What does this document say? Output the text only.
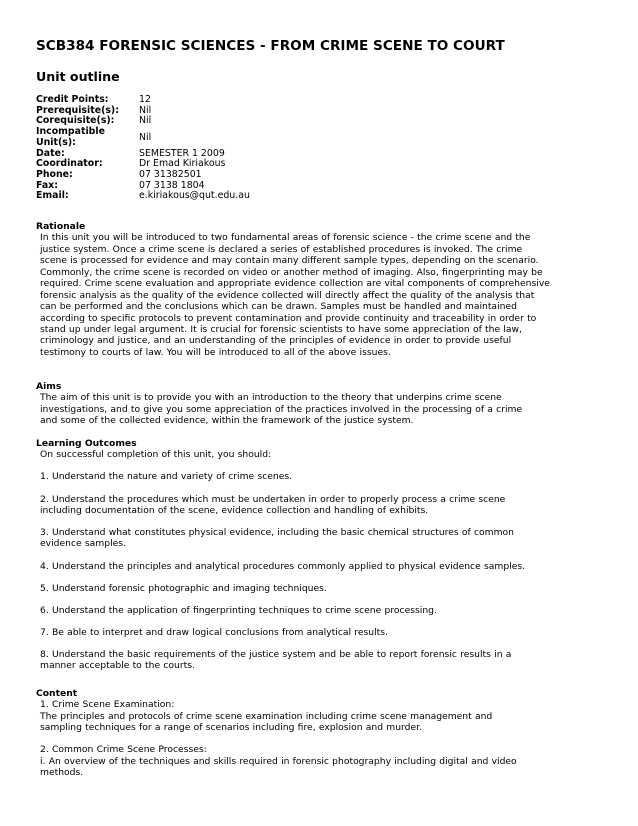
SCB384 FORENSIC SCIENCES - FROM CRIME SCENE TO COURT
Unit outline
Credit Points:	12
Prerequisite(s):	Nil
Corequisite(s):	Nil
Incompatible Unit(s):	Nil
Date:	SEMESTER 1 2009
Coordinator:	Dr Emad Kiriakous
Phone:	07 31382501
Fax:	07 3138 1804
Email:	e.kiriakous@qut.edu.au
Rationale

In this unit you will be introduced to two fundamental areas of forensic science - the crime scene and the justice system. Once a crime scene is declared a series of established procedures is invoked. The crime scene is processed for evidence and may contain many different sample types, depending on the scenario. Commonly, the crime scene is recorded on video or another method of imaging. Also, fingerprinting may be required. Crime scene evaluation and appropriate evidence collection are vital components of comprehensive forensic analysis as the quality of the evidence collected will directly affect the quality of the analysis that can be performed and the conclusions which can be drawn. Samples must be handled and maintained according to specific protocols to prevent contamination and provide continuity and traceability in order to stand up under legal argument. It is crucial for forensic scientists to have some appreciation of the law, criminology and justice, and an understanding of the principles of evidence in order to provide useful testimony to courts of law. You will be introduced to all of the above issues.

Aims

The aim of this unit is to provide you with an introduction to the theory that underpins crime scene investigations, and to give you some appreciation of the practices involved in the processing of a crime and some of the collected evidence, within the framework of the justice system.

Learning Outcomes

On successful completion of this unit, you should:

1. Understand the nature and variety of crime scenes.

2. Understand the procedures which must be undertaken in order to properly process a crime scene including documentation of the scene, evidence collection and handling of exhibits.

3. Understand what constitutes physical evidence, including the basic chemical structures of common evidence samples.

4. Understand the principles and analytical procedures commonly applied to physical evidence samples.

5. Understand forensic photographic and imaging techniques.

6. Understand the application of fingerprinting techniques to crime scene processing.

7. Be able to interpret and draw logical conclusions from analytical results.

8. Understand the basic requirements of the justice system and be able to report forensic results in a manner acceptable to the courts.

Content
1. Crime Scene Examination:
The principles and protocols of crime scene examination including crime scene management and sampling techniques for a range of scenarios including fire, explosion and murder.
2. Common Crime Scene Processes:
i. An overview of the techniques and skills required in forensic photography including digital and video methods.
